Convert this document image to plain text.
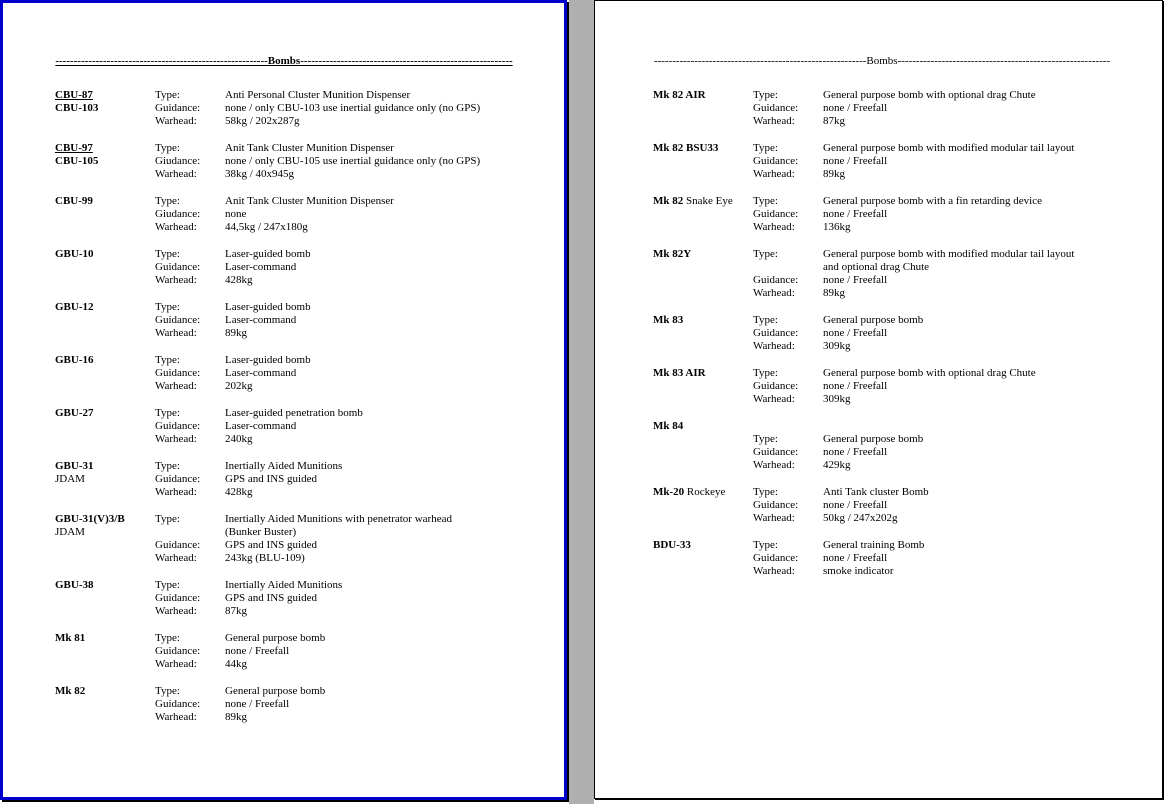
----------------------------------------------------------Bombs----------------------------------------------------------
CBU-87
CBU-103
Type:	Anti Personal Cluster Munition Dispenser
Guidance:	none / only CBU-103 use inertial guidance only (no GPS)
Warhead:	58kg / 202x287g
CBU-97
CBU-105
Type:	Anit Tank Cluster Munition Dispenser
Giudance:	none / only CBU-105 use inertial guidance only (no GPS)
Warhead:	38kg / 40x945g
CBU-99	Type:	Anit Tank Cluster Munition Dispenser
Giudance:	none
Warhead:	44,5kg / 247x180g
GBU-10	Type:	Laser-guided bomb
Guidance:	Laser-command
Warhead:	428kg
GBU-12	Type:	Laser-guided bomb
Guidance:	Laser-command
Warhead:	89kg
GBU-16	Type:	Laser-guided bomb
Guidance:	Laser-command
Warhead:	202kg
GBU-27	Type:	Laser-guided penetration bomb
Guidance:	Laser-command
Warhead:	240kg
GBU-31
JDAM
Type:	Inertially Aided Munitions
Guidance:	GPS and INS guided
Warhead:	428kg
GBU-31(V)3/B
JDAM
Type:	Inertially Aided Munitions with penetrator warhead

(Bunker Buster)
Guidance:	GPS and INS guided
Warhead:	243kg (BLU-109)
GBU-38	Type:	Inertially Aided Munitions
Guidance:	GPS and INS guided
Warhead:	87kg
Mk 81	Type:	General purpose bomb
Guidance:	none / Freefall
Warhead:	44kg
Mk 82	Type:	General purpose bomb
Guidance:	none / Freefall
Warhead:	89kg
----------------------------------------------------------Bombs----------------------------------------------------------
Mk 82 AIR	Type:	General purpose bomb with optional drag Chute
Guidance:	none / Freefall
Warhead:	87kg
Mk 82 BSU33	Type:	General purpose bomb with modified modular tail layout
Guidance:	none / Freefall
Warhead:	89kg
Mk 82 Snake Eye	Type:	General purpose bomb with a fin retarding device
Guidance:	none / Freefall
Warhead:	136kg
Mk 82Y	Type:	General purpose bomb with modified modular tail layout

and optional drag Chute
Guidance:	none / Freefall
Warhead:	89kg
Mk 83	Type:	General purpose bomb
Guidance:	none / Freefall
Warhead:	309kg
Mk 83 AIR	Type:	General purpose bomb with optional drag Chute
Guidance:	none / Freefall
Warhead:	309kg
Mk 84

Type:	General purpose bomb
Guidance:	none / Freefall
Warhead:	429kg
Mk-20 Rockeye	Type:	Anti Tank cluster Bomb
Guidance:	none / Freefall
Warhead:	50kg / 247x202g
BDU-33	Type:	General training Bomb
Guidance:	none / Freefall
Warhead:	smoke indicator
